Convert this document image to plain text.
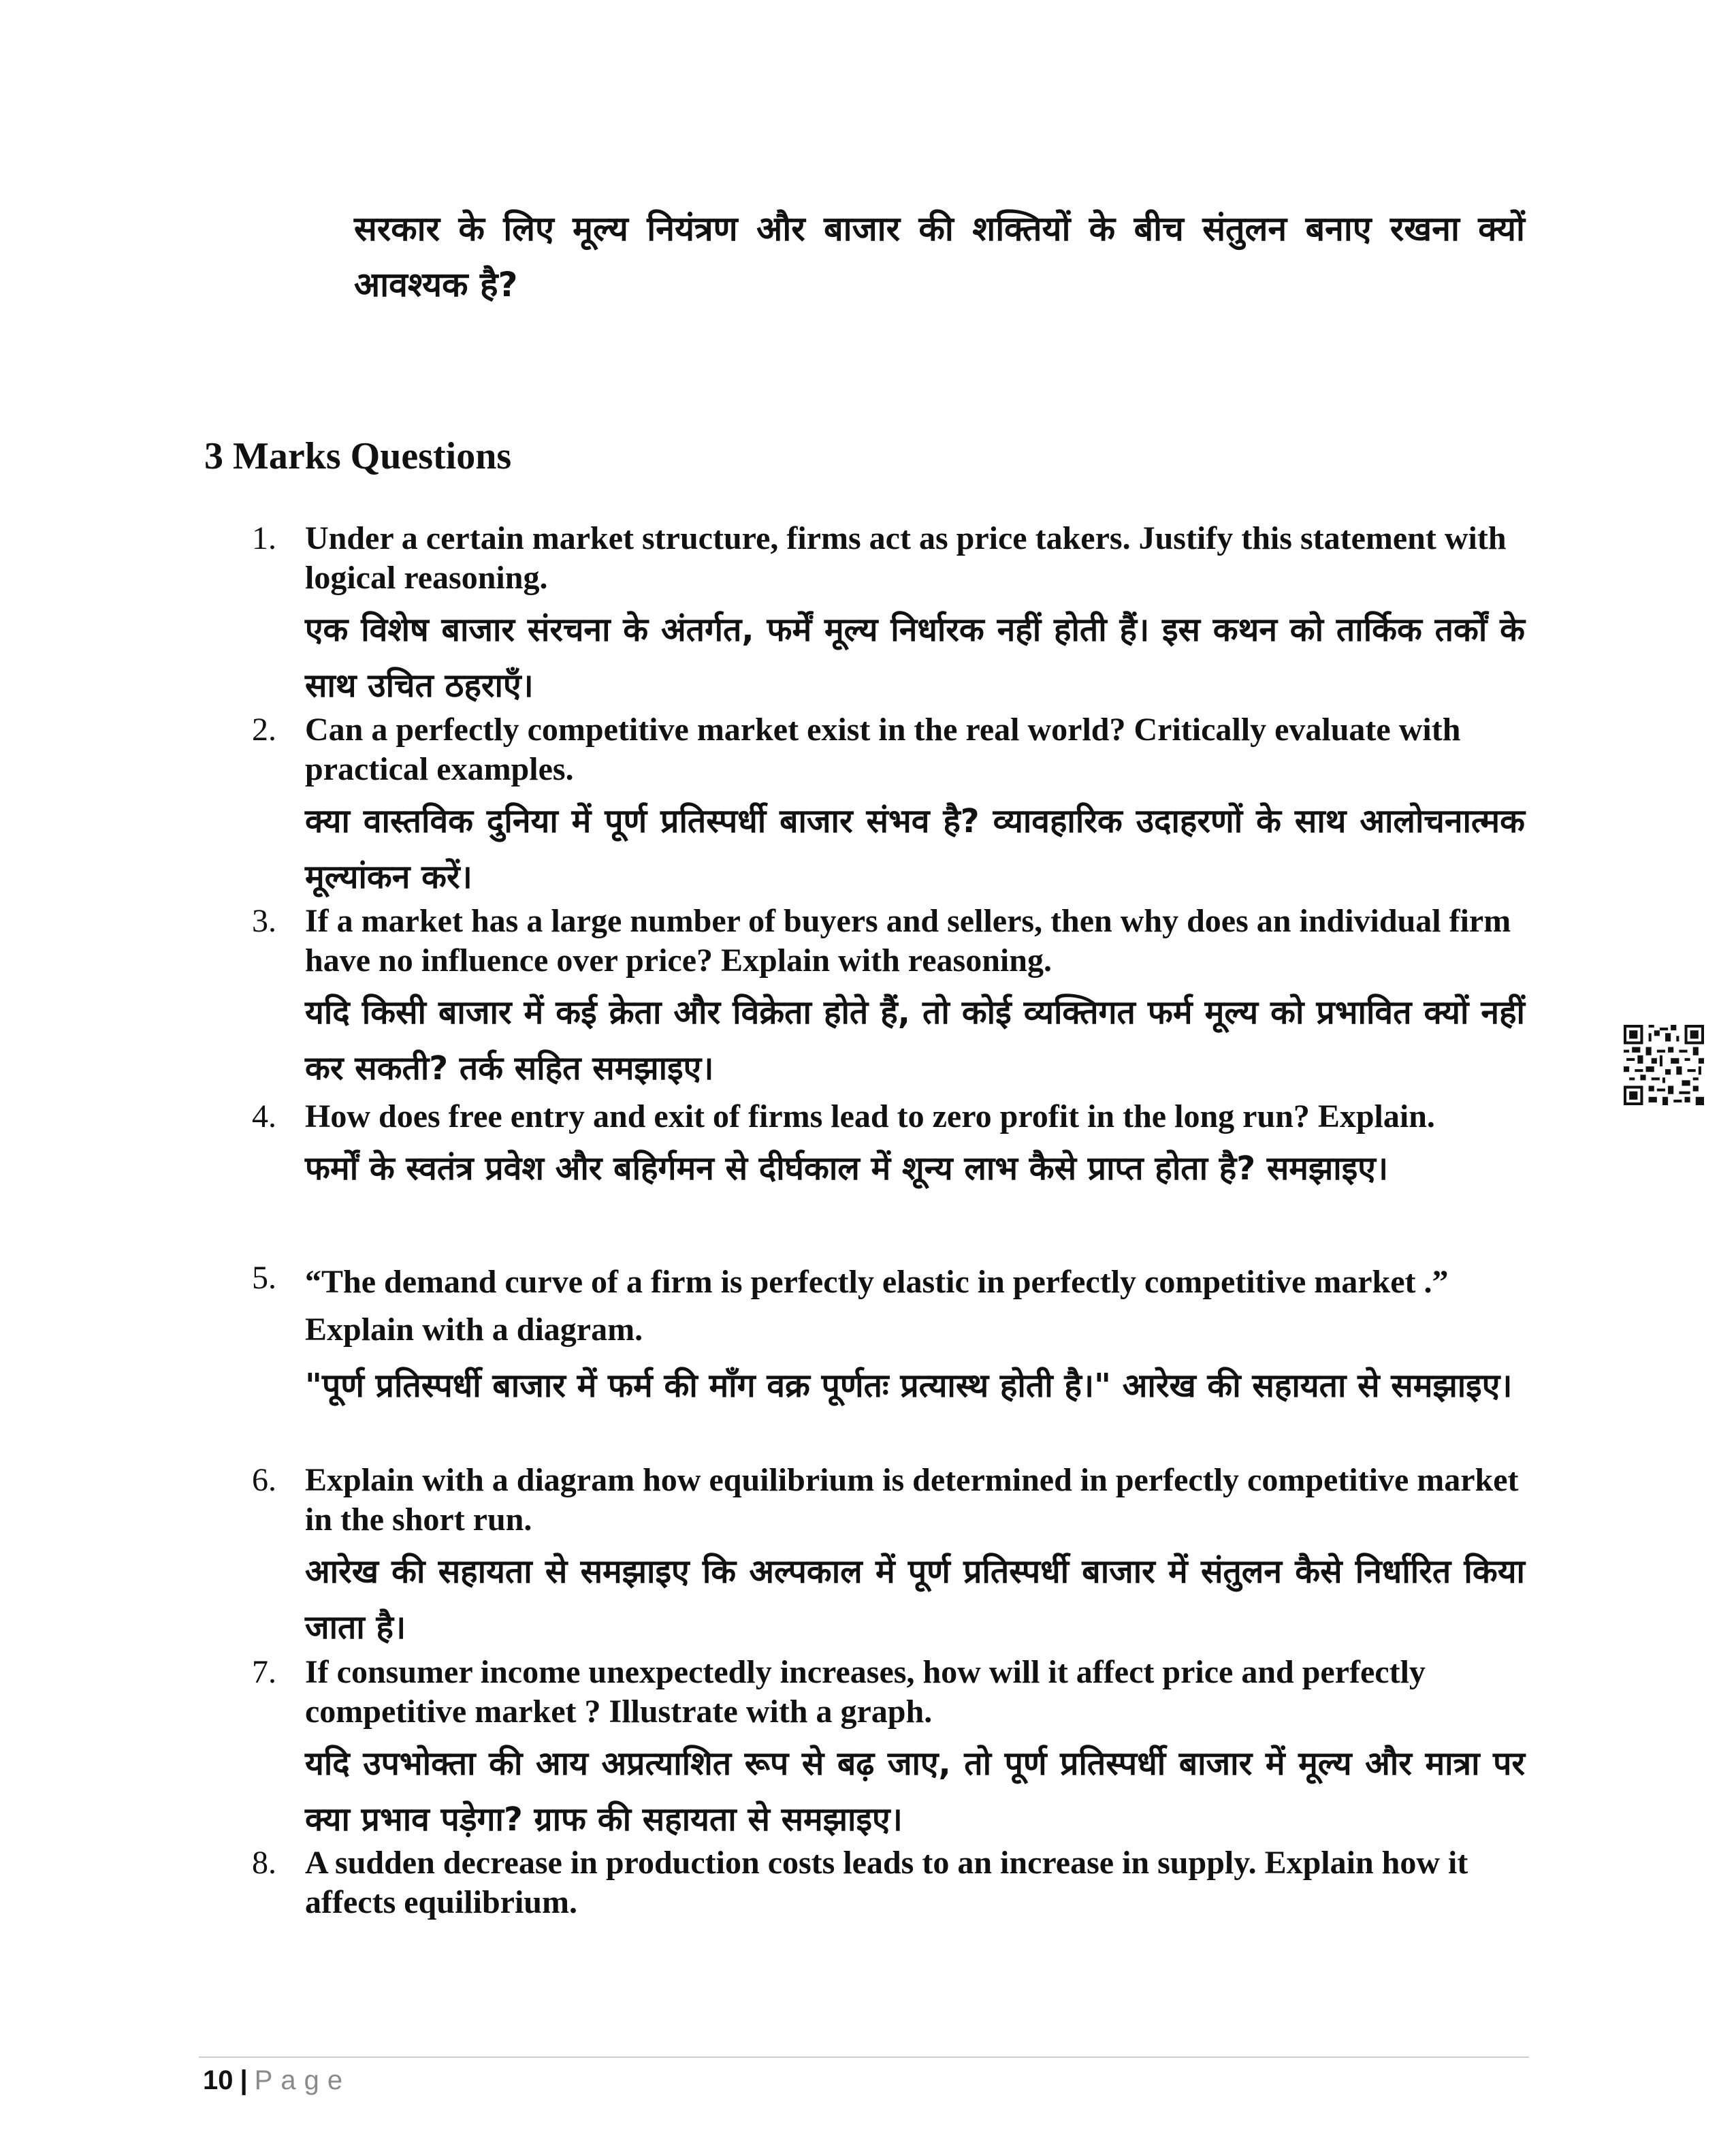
सरकार के लिए मूल्य नियंत्रण और बाजार की शक्तियों के बीच संतुलन बनाए रखना क्यों आवश्यक है?
3 Marks Questions
1. Under a certain market structure, firms act as price takers. Justify this statement with logical reasoning.
एक विशेष बाजार संरचना के अंतर्गत, फर्में मूल्य निर्धारक नहीं होती हैं। इस कथन को तार्किक तर्कों के साथ उचित ठहराएँ।
2. Can a perfectly competitive market exist in the real world? Critically evaluate with practical examples.
क्या वास्तविक दुनिया में पूर्ण प्रतिस्पर्धी बाजार संभव है? व्यावहारिक उदाहरणों के साथ आलोचनात्मक मूल्यांकन करें।
3. If a market has a large number of buyers and sellers, then why does an individual firm have no influence over price? Explain with reasoning.
यदि किसी बाजार में कई क्रेता और विक्रेता होते हैं, तो कोई व्यक्तिगत फर्म मूल्य को प्रभावित क्यों नहीं कर सकती? तर्क सहित समझाइए।
4. How does free entry and exit of firms lead to zero profit in the long run? Explain.
फर्मों के स्वतंत्र प्रवेश और बहिर्गमन से दीर्घकाल में शून्य लाभ कैसे प्राप्त होता है? समझाइए।
5. “The demand curve of a firm is perfectly elastic in perfectly competitive market .” Explain with a diagram.
"पूर्ण प्रतिस्पर्धी बाजार में फर्म की माँग वक्र पूर्णतः प्रत्यास्थ होती है।" आरेख की सहायता से समझाइए।
6. Explain with a diagram how equilibrium is determined in perfectly competitive market in the short run.
आरेख की सहायता से समझाइए कि अल्पकाल में पूर्ण प्रतिस्पर्धी बाजार में संतुलन कैसे निर्धारित किया जाता है।
7. If consumer income unexpectedly increases, how will it affect price and perfectly competitive market ? Illustrate with a graph.
यदि उपभोक्ता की आय अप्रत्याशित रूप से बढ़ जाए, तो पूर्ण प्रतिस्पर्धी बाजार में मूल्य और मात्रा पर क्या प्रभाव पड़ेगा? ग्राफ की सहायता से समझाइए।
8. A sudden decrease in production costs leads to an increase in supply. Explain how it affects equilibrium.
10 | Page
